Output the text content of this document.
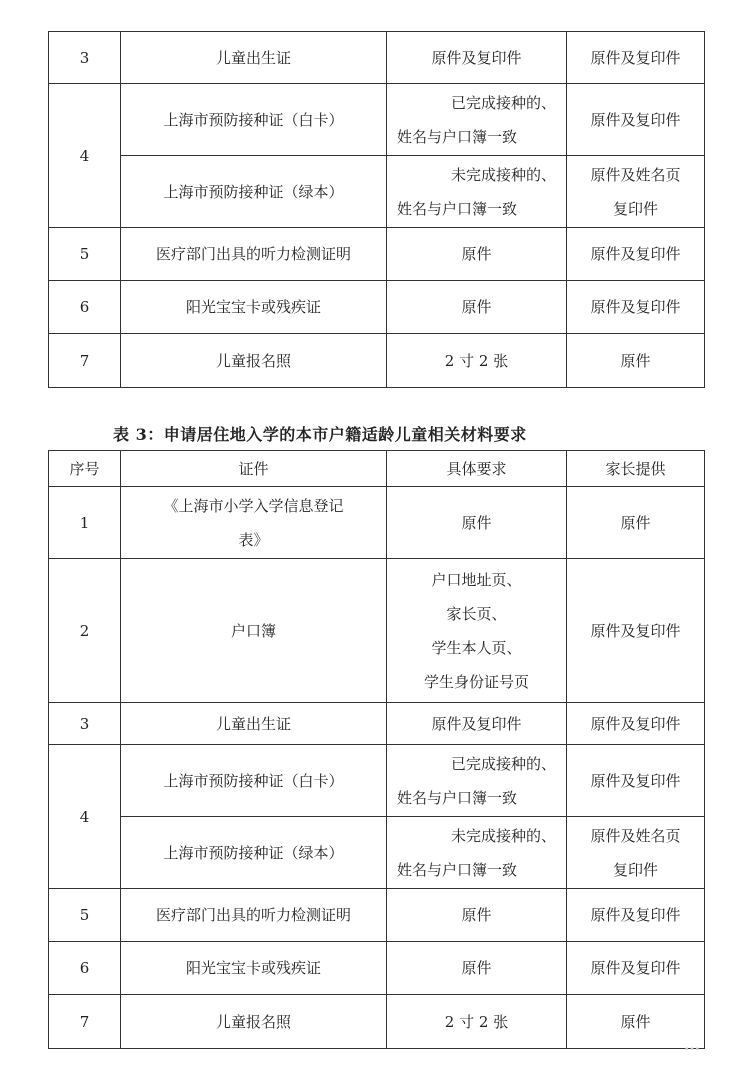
3	儿童出生证	原件及复印件	原件及复印件
4	上海市预防接种证（白卡）	已完成接种的、
姓名与户口簿一致	原件及复印件
	上海市预防接种证（绿本）	未完成接种的、
姓名与户口簿一致	原件及姓名页
复印件

5	医疗部门出具的听力检测证明	原件	原件及复印件
6	阳光宝宝卡或残疾证	原件	原件及复印件
7	儿童报名照	2 寸 2 张	原件
表 3：申请居住地入学的本市户籍适龄儿童相关材料要求
序号	证件	具体要求	家长提供
1	《上海市小学入学信息登记
表》	原件	原件
2	户口簿	户口地址页、
家长页、
学生本人页、
学生身份证号页	原件及复印件
3	儿童出生证	原件及复印件	原件及复印件
4	上海市预防接种证（白卡）	已完成接种的、
姓名与户口簿一致	原件及复印件
	上海市预防接种证（绿本）	未完成接种的、
姓名与户口簿一致	原件及姓名页
复印件

5	医疗部门出具的听力检测证明	原件	原件及复印件
6	阳光宝宝卡或残疾证	原件	原件及复印件
7	儿童报名照	2 寸 2 张	原件
•••
